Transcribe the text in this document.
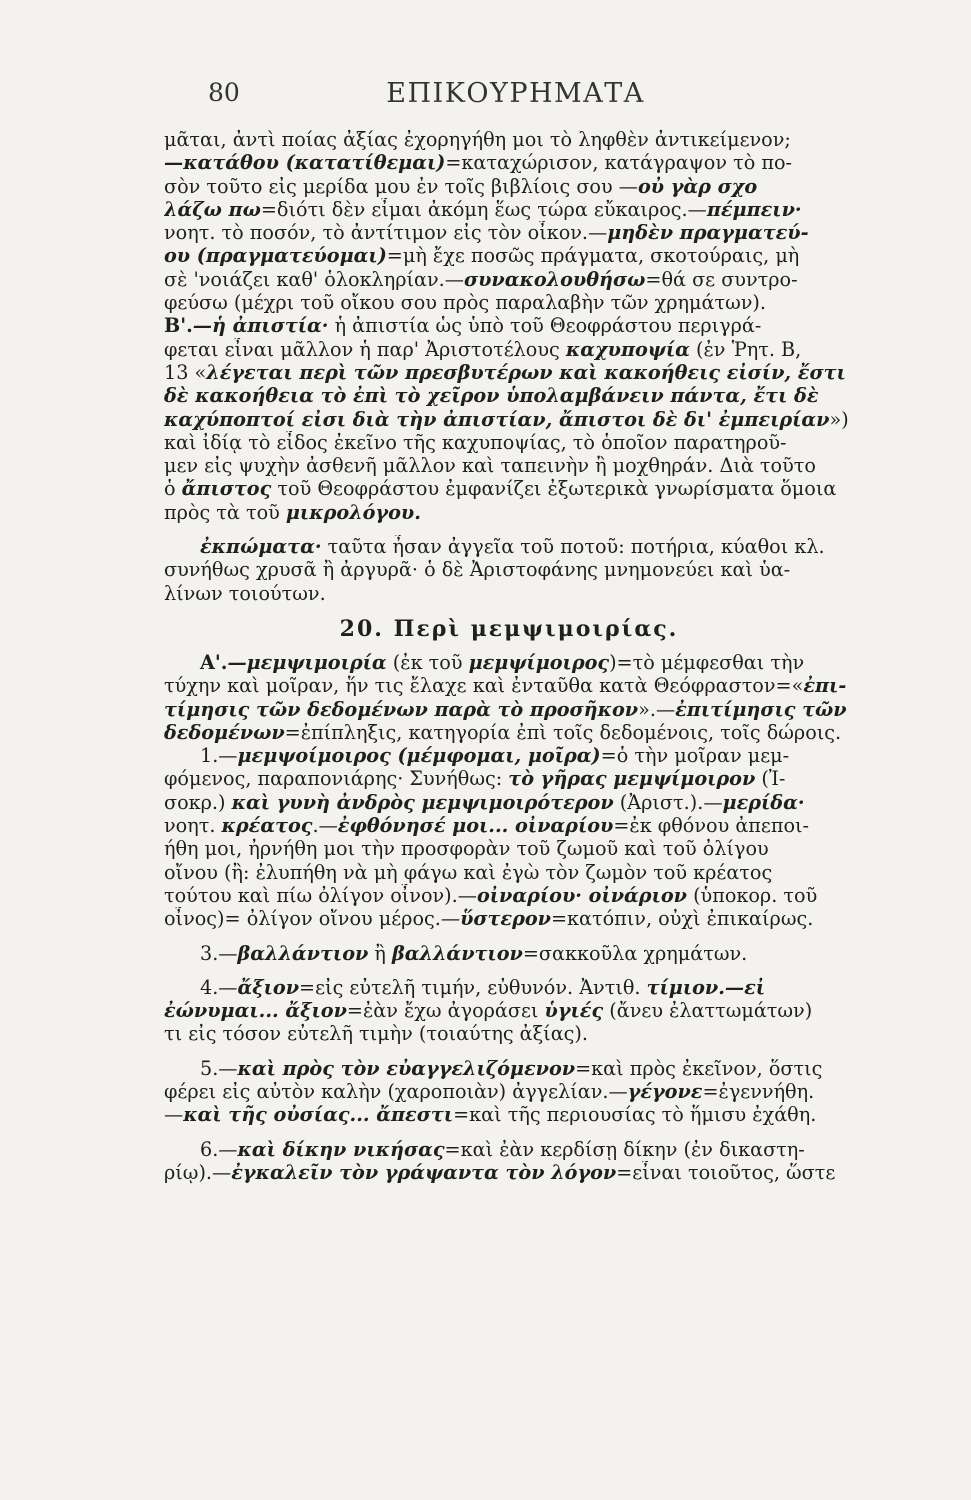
80	ΕΠΙΚΟΥΡΗΜΑΤΑ
μᾶται, ἀντὶ ποίας ἀξίας ἐχορηγήθη μοι τὸ ληφθὲν ἀντικείμενον;
—κατάθου (κατατίθεμαι)=καταχώρισον, κατάγραψον τὸ πο-
σὸν τοῦτο εἰς μερίδα μου ἐν τοῖς βιβλίοις σου —οὐ γὰρ σχο
λάζω πω=διότι δὲν εἶμαι ἀκόμη ἕως τώρα εὔκαιρος.—πέμπειν·
νοητ. τὸ ποσόν, τὸ ἀντίτιμον εἰς τὸν οἶκον.—μηδὲν πραγματεύ-
ου (πραγματεύομαι)=μὴ ἔχε ποσῶς πράγματα, σκοτούραις, μὴ
σὲ 'νοιάζει καθ' ὁλοκληρίαν.—συνακολουθήσω=θά σε συντρο-
φεύσω (μέχρι τοῦ οἴκου σου πρὸς παραλαβὴν τῶν χρημάτων).
Β'.—ἡ ἀπιστία· ἡ ἀπιστία ὡς ὑπὸ τοῦ Θεοφράστου περιγρά-
φεται εἶναι μᾶλλον ἡ παρ' Ἀριστοτέλους καχυποψία (ἐν Ῥητ. Β,
13 «λέγεται περὶ τῶν πρεσβυτέρων καὶ κακοήθεις εἰσίν, ἔστι
δὲ κακοήθεια τὸ ἐπὶ τὸ χεῖρον ὑπολαμβάνειν πάντα, ἔτι δὲ
καχύποπτοί εἰσι διὰ τὴν ἀπιστίαν, ἄπιστοι δὲ δι' ἐμπειρίαν»)
καὶ ἰδίᾳ τὸ εἶδος ἐκεῖνο τῆς καχυποψίας, τὸ ὁποῖον παρατηροῦ-
μεν εἰς ψυχὴν ἀσθενῆ μᾶλλον καὶ ταπεινὴν ἢ μοχθηράν. Διὰ τοῦτο
ὁ ἄπιστος τοῦ Θεοφράστου ἐμφανίζει ἐξωτερικὰ γνωρίσματα ὅμοια
πρὸς τὰ τοῦ μικρολόγου.
ἐκπώματα· ταῦτα ἦσαν ἀγγεῖα τοῦ ποτοῦ: ποτήρια, κύαθοι κλ.
συνήθως χρυσᾶ ἢ ἀργυρᾶ· ὁ δὲ Ἀριστοφάνης μνημονεύει καὶ ὑα-
λίνων τοιούτων.
20. Περὶ μεμψιμοιρίας.
Α'.—μεμψιμοιρία (ἐκ τοῦ μεμψίμοιρος)=τὸ μέμφεσθαι τὴν
τύχην καὶ μοῖραν, ἥν τις ἔλαχε καὶ ἐνταῦθα κατὰ Θεόφραστον=«ἐπι-
τίμησις τῶν δεδομένων παρὰ τὸ προσῆκον».—ἐπιτίμησις τῶν
δεδομένων=ἐπίπληξις, κατηγορία ἐπὶ τοῖς δεδομένοις, τοῖς δώροις.
1.—μεμψοίμοιρος (μέμφομαι, μοῖρα)=ὁ τὴν μοῖραν μεμ-
φόμενος, παραπονιάρης· Συνήθως: τὸ γῆρας μεμψίμοιρον (Ἰ-
σοκρ.) καὶ γυνὴ ἀνδρὸς μεμψιμοιρότερον (Ἀριστ.).—μερίδα·
νοητ. κρέατος.—ἐφθόνησέ μοι... οἰναρίου=ἐκ φθόνου ἀπεποι-
ήθη μοι, ἠρνήθη μοι τὴν προσφορὰν τοῦ ζωμοῦ καὶ τοῦ ὀλίγου
οἴνου (ἢ: ἐλυπήθη νὰ μὴ φάγω καὶ ἐγὼ τὸν ζωμὸν τοῦ κρέατος
τούτου καὶ πίω ὀλίγον οἶνον).—οἰναρίου· οἰνάριον (ὑποκορ. τοῦ
οἶνος)= ὀλίγον οἴνου μέρος.—ὕστερον=κατόπιν, οὐχὶ ἐπικαίρως.
3.—βαλλάντιον ἢ βαλλάντιον=σακκοῦλα χρημάτων.
4.—ἄξιον=εἰς εὐτελῆ τιμήν, εὐθυνόν. Ἀντιθ. τίμιον.—εἰ
ἐώνυμαι... ἄξιον=ἐὰν ἔχω ἀγοράσει ὑγιές (ἄνευ ἐλαττωμάτων)
τι εἰς τόσον εὐτελῆ τιμὴν (τοιαύτης ἀξίας).
5.—καὶ πρὸς τὸν εὐαγγελιζόμενον=καὶ πρὸς ἐκεῖνον, ὅστις
φέρει εἰς αὐτὸν καλὴν (χαροποιὰν) ἀγγελίαν.—γέγονε=ἐγεννήθη.
—καὶ τῆς οὐσίας... ἄπεστι=καὶ τῆς περιουσίας τὸ ἥμισυ ἐχάθη.
6.—καὶ δίκην νικήσας=καὶ ἐὰν κερδίσῃ δίκην (ἐν δικαστη-
ρίῳ).—ἐγκαλεῖν τὸν γράψαντα τὸν λόγον=εἶναι τοιοῦτος, ὥστε
